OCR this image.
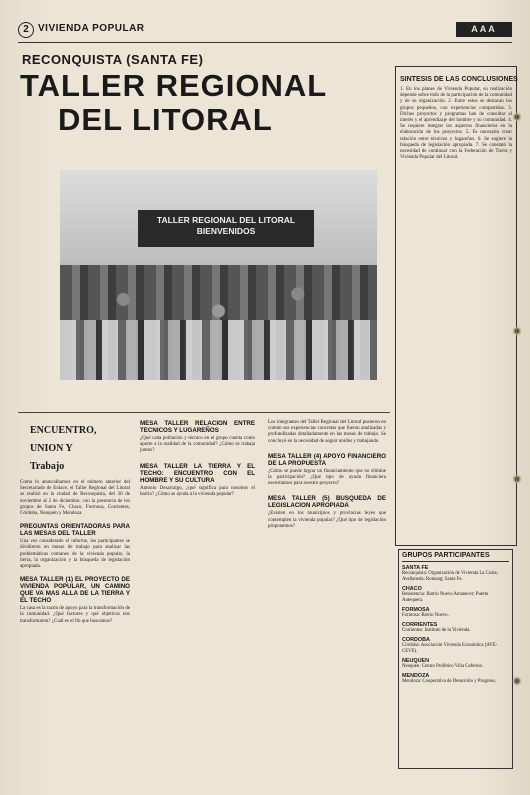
2 VIVIENDA POPULAR	AAA
RECONQUISTA (SANTA FE)
TALLER REGIONAL
DEL LITORAL
TALLER REGIONAL DEL LITORAL
BIENVENIDOS
SINTESIS DE LAS CONCLUSIONES
1. En los planes de Vivienda Popular, su realización depende sobre todo de la participación de la comunidad y de su organización. 2. Entre estos se destacan los grupos pequeños, con experiencias compartidas. 3. Dichos proyectos y programas han de consultar al interés y el aprendizaje del hombre y su comunidad. 4. Se requiere integrar los aspectos financieros en la elaboración de los proyectos. 5. Es necesario crear relación entre técnicos y lugareños. 6. Se sugiere la búsqueda de legislación apropiada. 7. Se constató la necesidad de continuar con la Federación de Tierra y Vivienda Popular del Litoral.
ENCUENTRO,
UNION Y
Trabajo
Como lo anunciábamos en el número anterior del Secretariado de Enlace, el Taller Regional del Litoral se realizó en la ciudad de Reconquista, del 30 de noviembre al 2 de diciembre, con la presencia de los grupos de Santa Fe, Chaco, Formosa, Corrientes, Córdoba, Neuquén y Mendoza.
PREGUNTAS ORIENTADORAS PARA LAS MESAS DEL TALLER
Una vez considerado el informe, los participantes se dividieron en mesas de trabajo para analizar las problemáticas comunes de la vivienda popular, la tierra, la organización y la búsqueda de legislación apropiada.
MESA TALLER (1) EL PROYECTO DE VIVIENDA POPULAR, UN CAMINO QUE VA MAS ALLA DE LA TIERRA Y EL TECHO
La casa es la razón de apoyo para la transformación de la comunidad. ¿Qué factores y qué objetivos nos transformaron? ¿Cuál es el fin que buscamos?
MESA TALLER RELACION ENTRE TECNICOS Y LUGAREÑOS
¿Qué cada población y técnico en el grupo cuenta como aporte a la realidad de la comunidad? ¿Cómo se trabaja juntos?
MESA TALLER LA TIERRA Y EL TECHO: ENCUENTRO CON EL HOMBRE Y SU CULTURA
Antonio Desarraigo, ¿qué significa para nosotros el barrio? ¿Cómo se ayuda a la vivienda popular?
Los integrantes del Taller Regional del Litoral pusieron en común sus experiencias concretas que fueron analizadas y profundizadas detalladamente en las mesas de trabajo. Se concluyó en la necesidad de seguir unidos y trabajando.
MESA TALLER (4) APOYO FINANCIERO DE LA PROPUESTA
¿Cómo se puede lograr un financiamiento que no elimine la participación? ¿Qué tipo de ayuda financiera necesitamos para nuestro proyecto?
MESA TALLER (5) BUSQUEDA DE LEGISLACION APROPIADA
¿Existen en los municipios y provincias leyes que contemplen la vivienda popular? ¿Qué tipo de legislación proponemos?
GRUPOS PARTICIPANTES
SANTA FE
Reconquista: Organización de Vivienda La Costa; Avellaneda; Romang; Santa Fe.
CHACO
Resistencia: Barrio Nuevo Amanecer; Puerto Antequera.
FORMOSA
Formosa: Barrio Nuevo.
CORRIENTES
Corrientes: Instituto de la Vivienda.
CORDOBA
Córdoba: Asociación Vivienda Económica (AVE-CEVE).
NEUQUEN
Neuquén: Centro Profético Villa Ceferino.
MENDOZA
Mendoza: Cooperativa de Desarrollo y Progreso.
